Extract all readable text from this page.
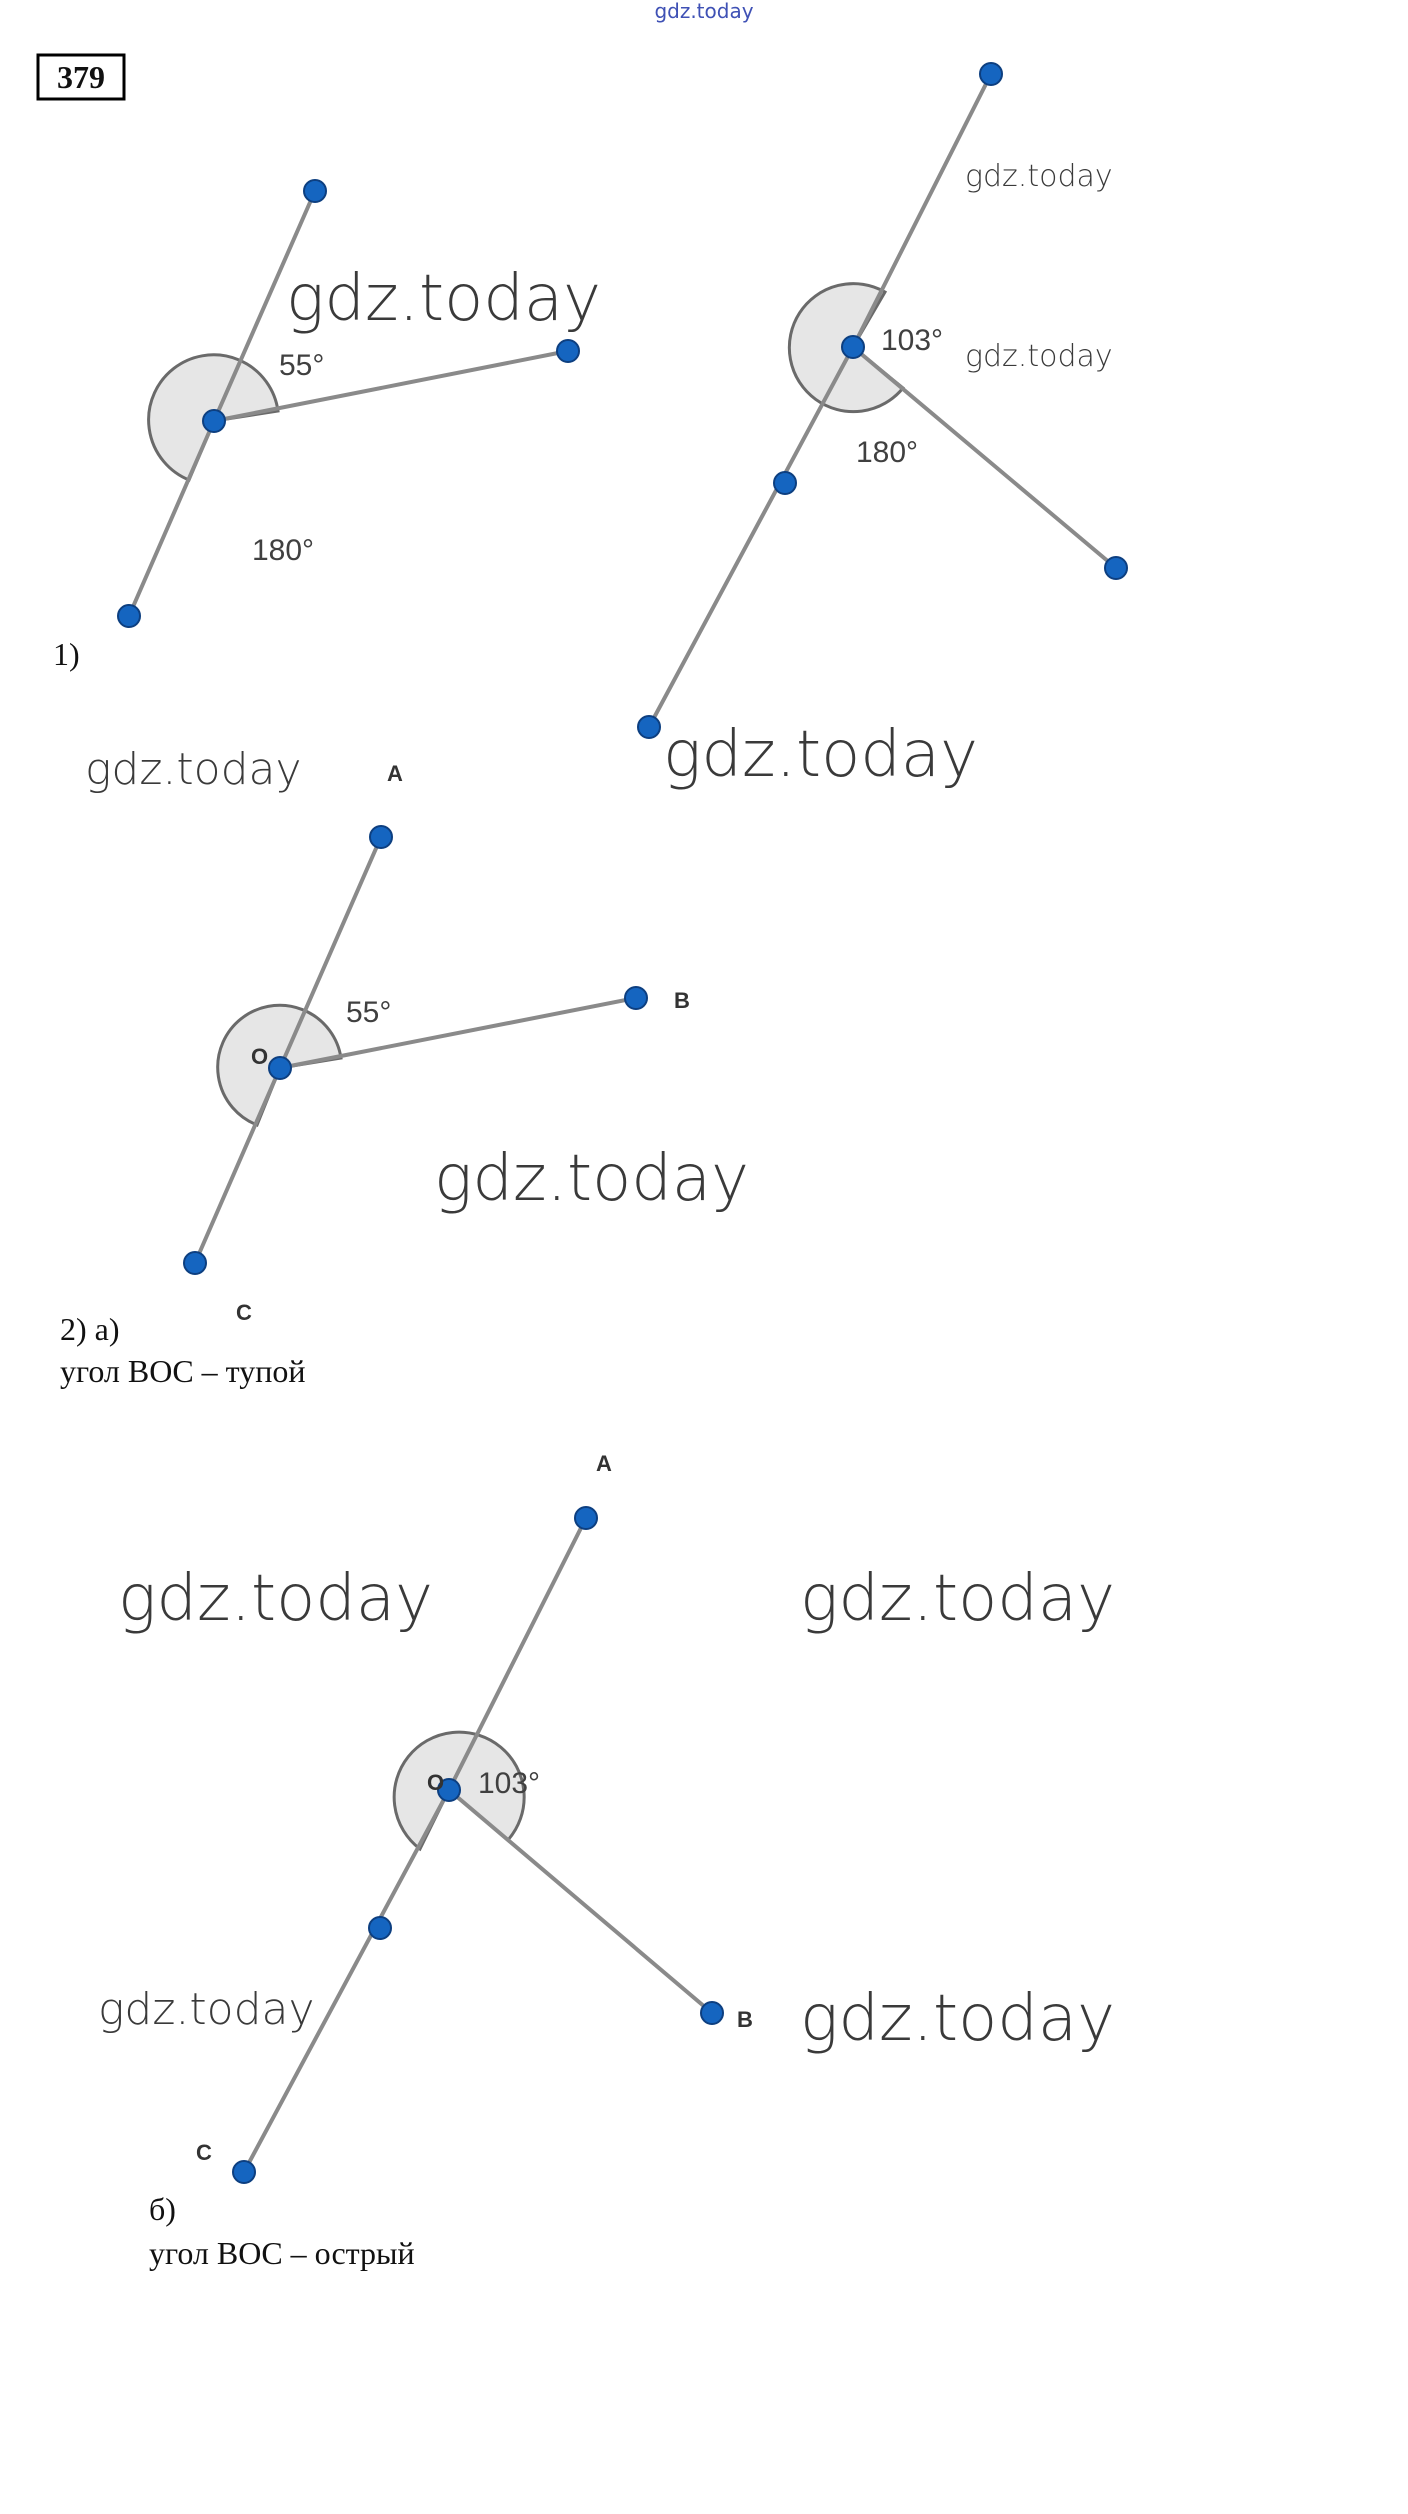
gdz.today
379
55°
180°
1)
103°
180°
A
B
O
C
55°
2) а)
угол BOC – тупой
A
O
B
C
103°
б)
угол BOC – острый
gdz.today
gdz.today
gdz.today
gdz.today
gdz.today
gdz.today
gdz.today	gdz.today
gdz.today	gdz.today
